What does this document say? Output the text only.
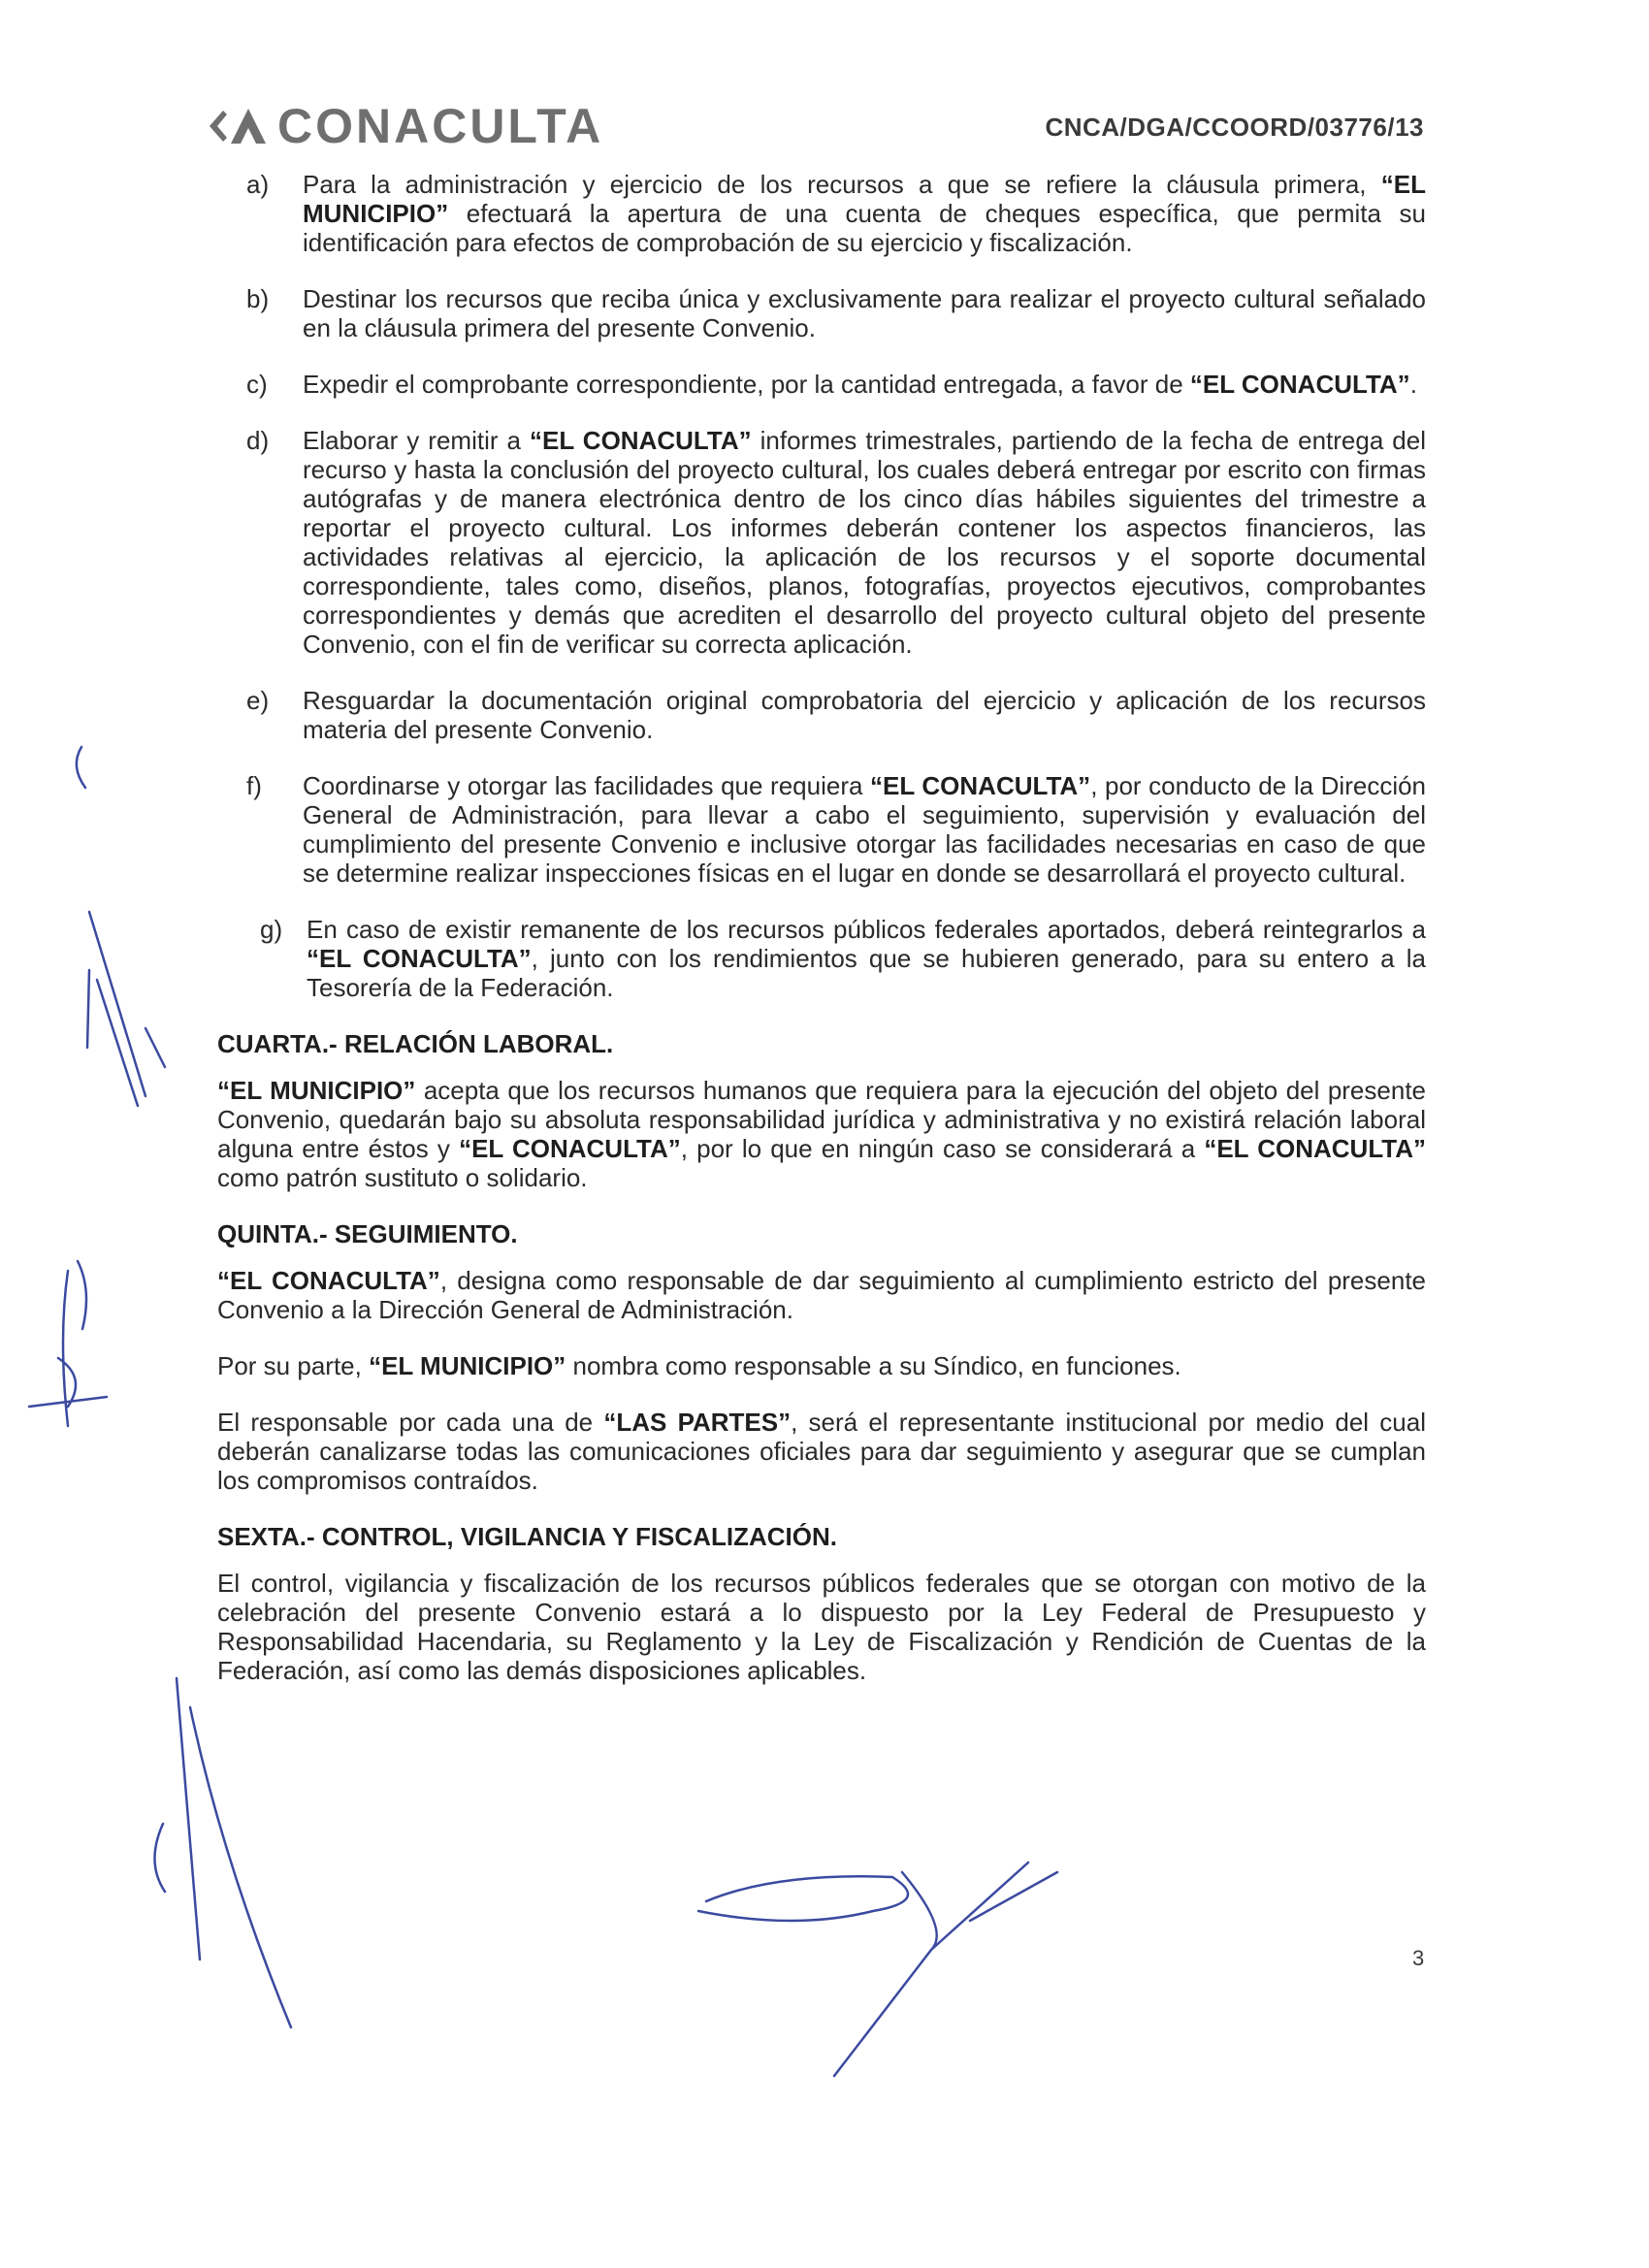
CONACULTA	CNCA/DGA/CCOORD/03776/13
a) Para la administración y ejercicio de los recursos a que se refiere la cláusula primera, “EL MUNICIPIO” efectuará la apertura de una cuenta de cheques específica, que permita su identificación para efectos de comprobación de su ejercicio y fiscalización.
b) Destinar los recursos que reciba única y exclusivamente para realizar el proyecto cultural señalado en la cláusula primera del presente Convenio.
c) Expedir el comprobante correspondiente, por la cantidad entregada, a favor de “EL CONACULTA”.
d) Elaborar y remitir a “EL CONACULTA” informes trimestrales, partiendo de la fecha de entrega del recurso y hasta la conclusión del proyecto cultural, los cuales deberá entregar por escrito con firmas autógrafas y de manera electrónica dentro de los cinco días hábiles siguientes del trimestre a reportar el proyecto cultural. Los informes deberán contener los aspectos financieros, las actividades relativas al ejercicio, la aplicación de los recursos y el soporte documental correspondiente, tales como, diseños, planos, fotografías, proyectos ejecutivos, comprobantes correspondientes y demás que acrediten el desarrollo del proyecto cultural objeto del presente Convenio, con el fin de verificar su correcta aplicación.
e) Resguardar la documentación original comprobatoria del ejercicio y aplicación de los recursos materia del presente Convenio.
f) Coordinarse y otorgar las facilidades que requiera “EL CONACULTA”, por conducto de la Dirección General de Administración, para llevar a cabo el seguimiento, supervisión y evaluación del cumplimiento del presente Convenio e inclusive otorgar las facilidades necesarias en caso de que se determine realizar inspecciones físicas en el lugar en donde se desarrollará el proyecto cultural.
g) En caso de existir remanente de los recursos públicos federales aportados, deberá reintegrarlos a “EL CONACULTA”, junto con los rendimientos que se hubieren generado, para su entero a la Tesorería de la Federación.
CUARTA.- RELACIÓN LABORAL.
“EL MUNICIPIO” acepta que los recursos humanos que requiera para la ejecución del objeto del presente Convenio, quedarán bajo su absoluta responsabilidad jurídica y administrativa y no existirá relación laboral alguna entre éstos y “EL CONACULTA”, por lo que en ningún caso se considerará a “EL CONACULTA” como patrón sustituto o solidario.
QUINTA.- SEGUIMIENTO.
“EL CONACULTA”, designa como responsable de dar seguimiento al cumplimiento estricto del presente Convenio a la Dirección General de Administración.
Por su parte, “EL MUNICIPIO” nombra como responsable a su Síndico, en funciones.
El responsable por cada una de “LAS PARTES”, será el representante institucional por medio del cual deberán canalizarse todas las comunicaciones oficiales para dar seguimiento y asegurar que se cumplan los compromisos contraídos.
SEXTA.- CONTROL, VIGILANCIA Y FISCALIZACIÓN.
El control, vigilancia y fiscalización de los recursos públicos federales que se otorgan con motivo de la celebración del presente Convenio estará a lo dispuesto por la Ley Federal de Presupuesto y Responsabilidad Hacendaria, su Reglamento y la Ley de Fiscalización y Rendición de Cuentas de la Federación, así como las demás disposiciones aplicables.
3
